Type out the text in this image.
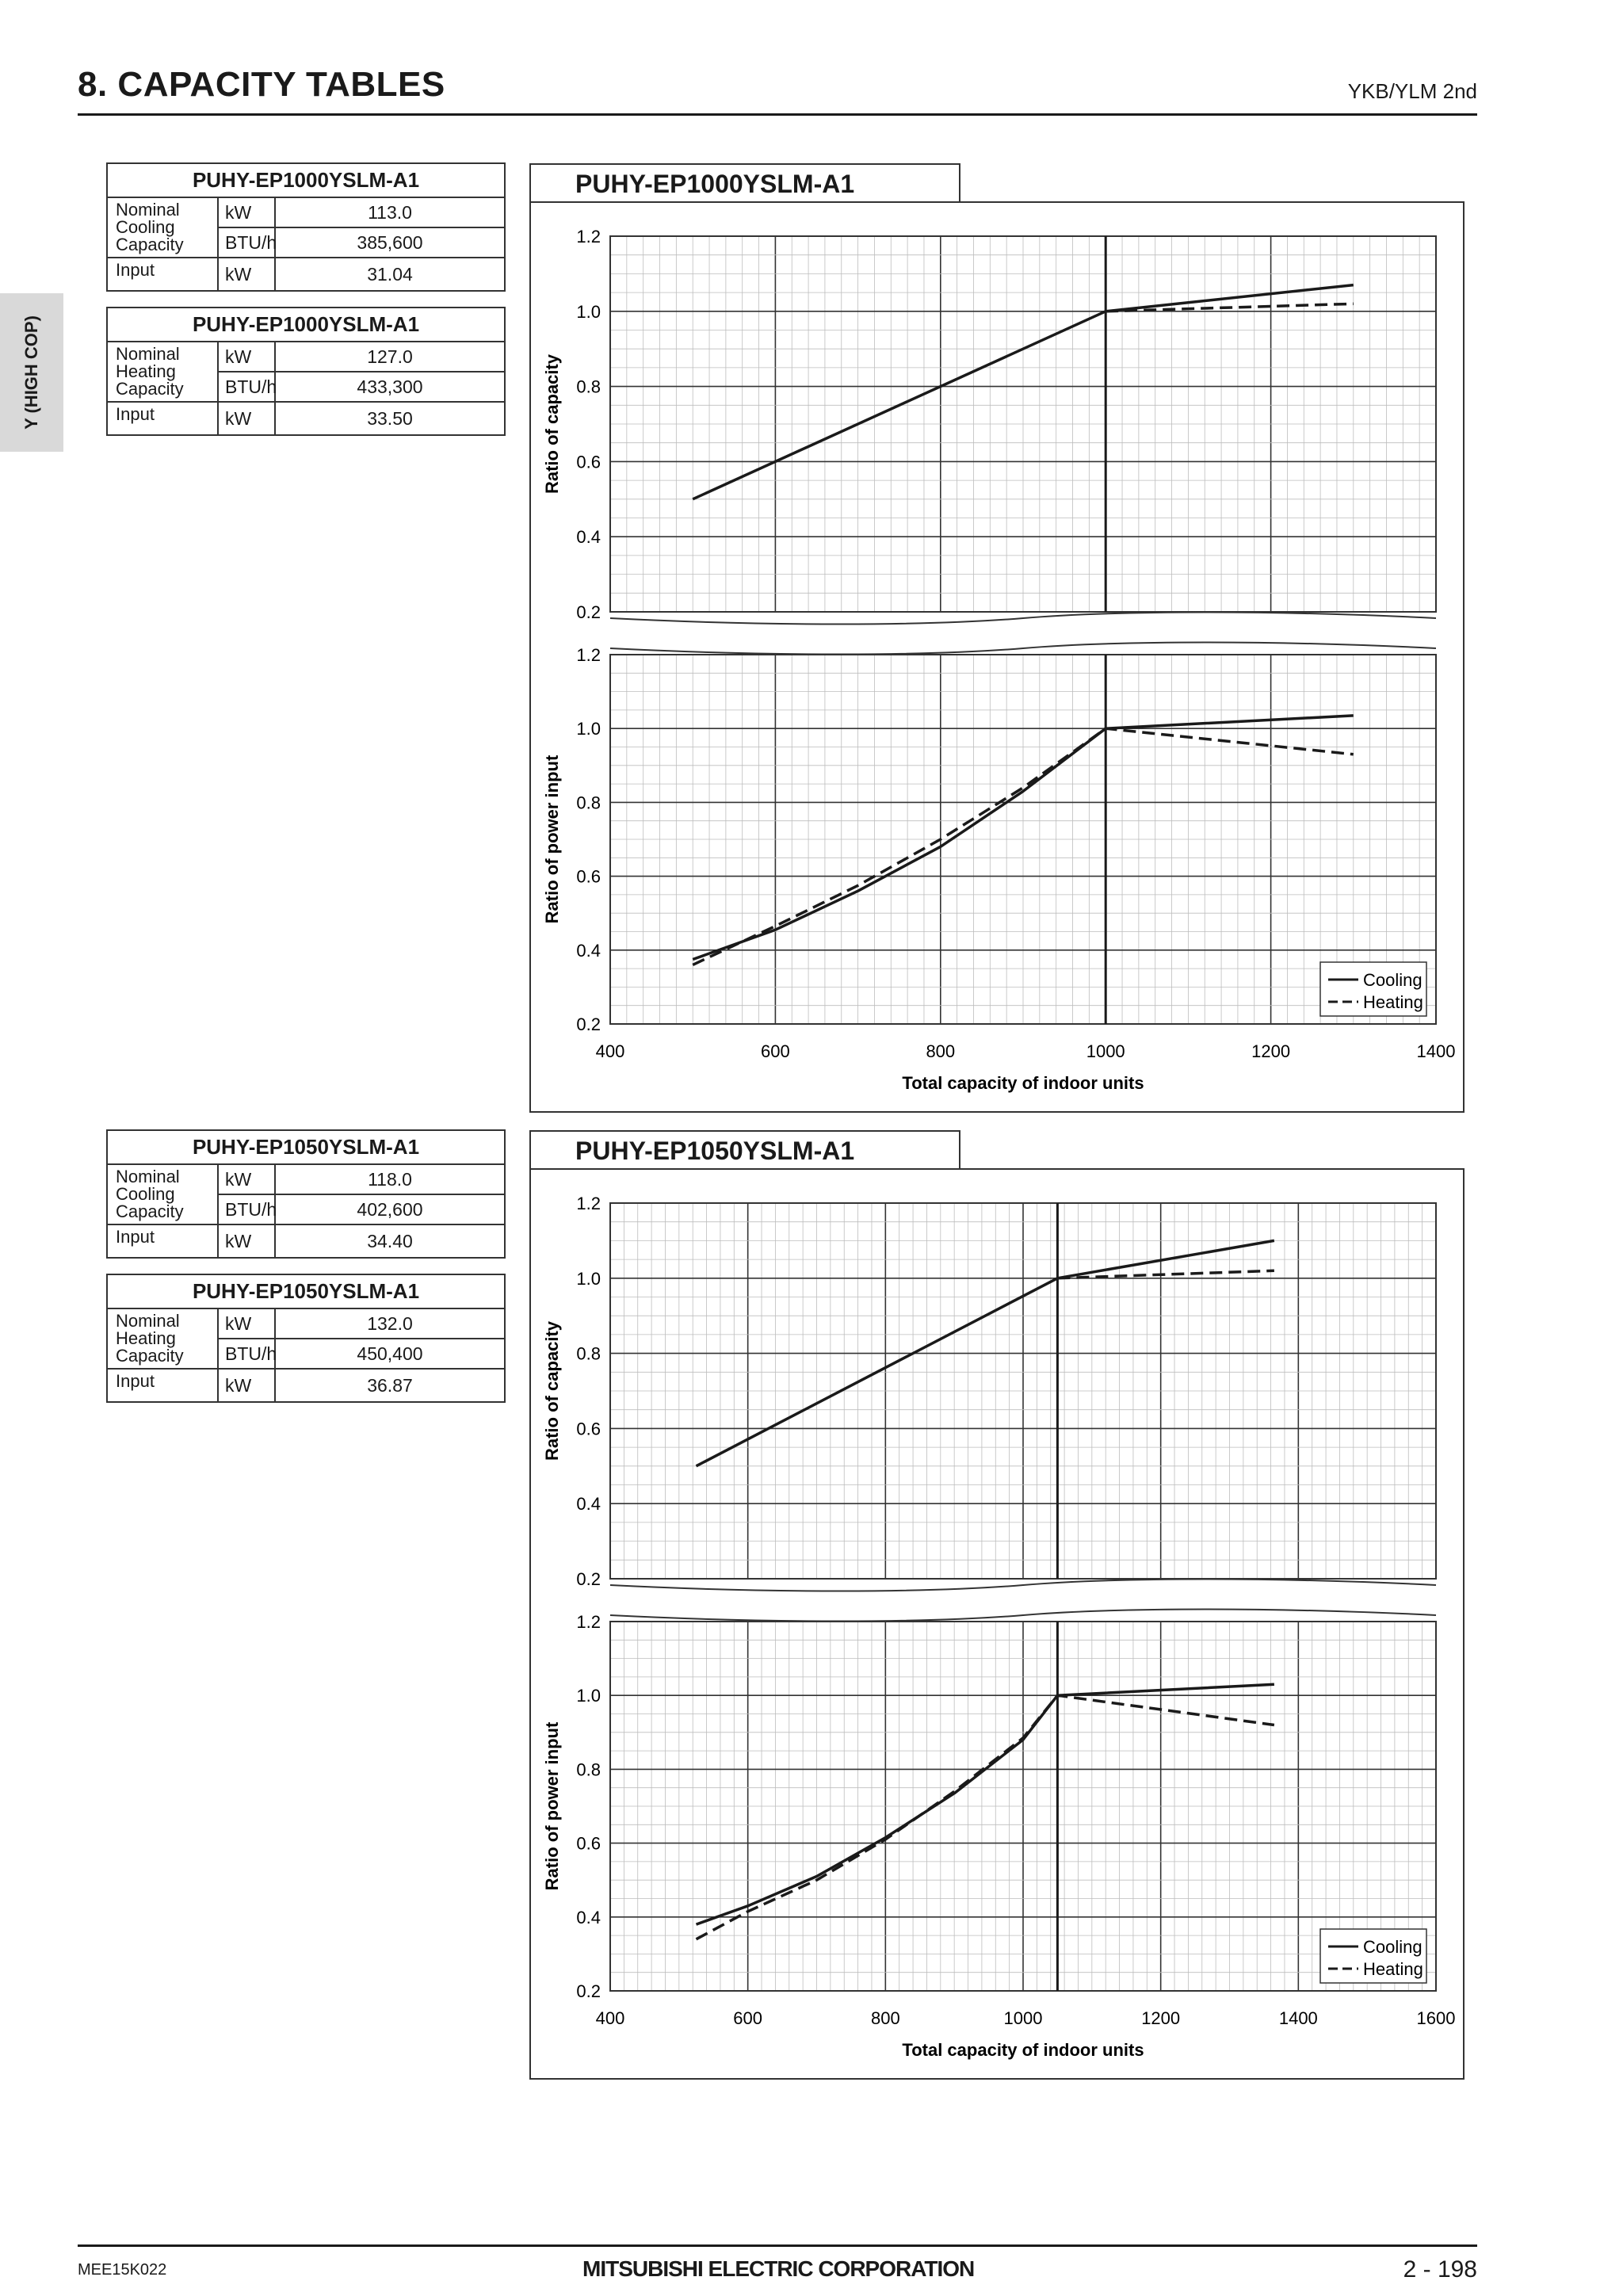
8. CAPACITY TABLES	YKB/YLM 2nd
Y (HIGH COP)
PUHY-EP1000YSLM-A1		
Nominal Cooling Capacity	kW	113.0
	BTU/h	385,600
Input	kW	31.04
PUHY-EP1000YSLM-A1		
Nominal Heating Capacity	kW	127.0
	BTU/h	433,300
Input	kW	33.50
PUHY-EP1050YSLM-A1		
Nominal Cooling Capacity	kW	118.0
	BTU/h	402,600
Input	kW	34.40
PUHY-EP1050YSLM-A1		
Nominal Heating Capacity	kW	132.0
	BTU/h	450,400
Input	kW	36.87
PUHY-EP1000YSLM-A1
PUHY-EP1050YSLM-A1
0.2
0.4
0.6
0.8
1.0
1.2
Ratio of capacity
0.2
0.4
0.6
0.8
1.0
1.2
Ratio of power input
400	600	800	1000	1200	1400
Total capacity of indoor units
Cooling
Heating
0.2
0.4
0.6
0.8
1.0
1.2
Ratio of capacity
0.2
0.4
0.6
0.8
1.0
1.2
Ratio of power input
400	600	800	1000	1200	1400	1600
Total capacity of indoor units
Cooling
Heating
MEE15K022	MITSUBISHI ELECTRIC CORPORATION	2 - 198
